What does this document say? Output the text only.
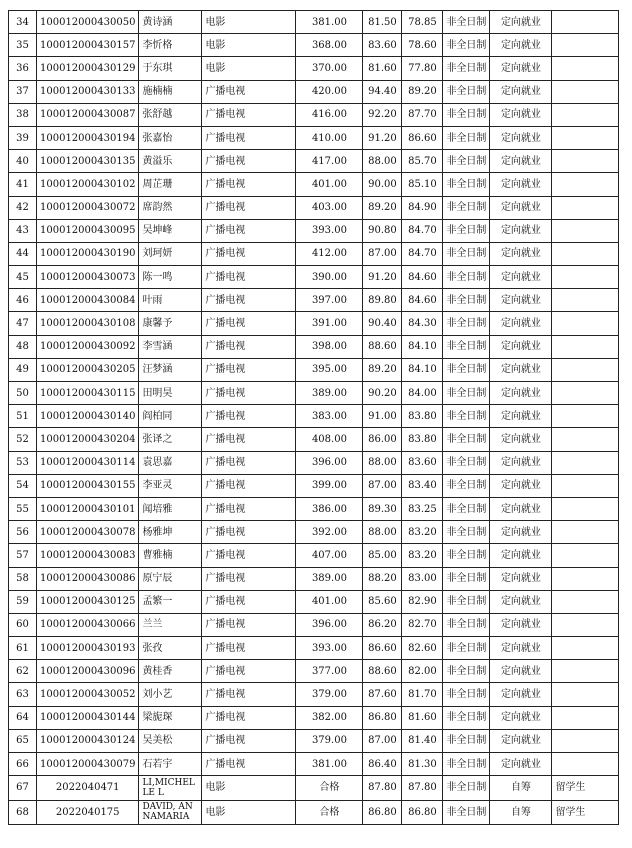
34	100012000430050	黄诗涵	电影	381.00	81.50	78.85	非全日制	定向就业	
35	100012000430157	李忻格	电影	368.00	83.60	78.60	非全日制	定向就业	
36	100012000430129	于东琪	电影	370.00	81.60	77.80	非全日制	定向就业	
37	100012000430133	施楠楠	广播电视	420.00	94.40	89.20	非全日制	定向就业	
38	100012000430087	张舒越	广播电视	416.00	92.20	87.70	非全日制	定向就业	
39	100012000430194	张嘉怡	广播电视	410.00	91.20	86.60	非全日制	定向就业	
40	100012000430135	黄溢乐	广播电视	417.00	88.00	85.70	非全日制	定向就业	
41	100012000430102	周芷珊	广播电视	401.00	90.00	85.10	非全日制	定向就业	
42	100012000430072	席韵然	广播电视	403.00	89.20	84.90	非全日制	定向就业	
43	100012000430095	吴坤峰	广播电视	393.00	90.80	84.70	非全日制	定向就业	
44	100012000430190	刘珂妍	广播电视	412.00	87.00	84.70	非全日制	定向就业	
45	100012000430073	陈一鸣	广播电视	390.00	91.20	84.60	非全日制	定向就业	
46	100012000430084	叶雨	广播电视	397.00	89.80	84.60	非全日制	定向就业	
47	100012000430108	康馨予	广播电视	391.00	90.40	84.30	非全日制	定向就业	
48	100012000430092	李雪涵	广播电视	398.00	88.60	84.10	非全日制	定向就业	
49	100012000430205	汪梦涵	广播电视	395.00	89.20	84.10	非全日制	定向就业	
50	100012000430115	田明昊	广播电视	389.00	90.20	84.00	非全日制	定向就业	
51	100012000430140	阎柏同	广播电视	383.00	91.00	83.80	非全日制	定向就业	
52	100012000430204	张译之	广播电视	408.00	86.00	83.80	非全日制	定向就业	
53	100012000430114	袁思嘉	广播电视	396.00	88.00	83.60	非全日制	定向就业	
54	100012000430155	李亚灵	广播电视	399.00	87.00	83.40	非全日制	定向就业	
55	100012000430101	闻培雅	广播电视	386.00	89.30	83.25	非全日制	定向就业	
56	100012000430078	杨雅坤	广播电视	392.00	88.00	83.20	非全日制	定向就业	
57	100012000430083	曹雅楠	广播电视	407.00	85.00	83.20	非全日制	定向就业	
58	100012000430086	原宁辰	广播电视	389.00	88.20	83.00	非全日制	定向就业	
59	100012000430125	孟繁一	广播电视	401.00	85.60	82.90	非全日制	定向就业	
60	100012000430066	兰兰	广播电视	396.00	86.20	82.70	非全日制	定向就业	
61	100012000430193	张孜	广播电视	393.00	86.60	82.60	非全日制	定向就业	
62	100012000430096	黄桂香	广播电视	377.00	88.60	82.00	非全日制	定向就业	
63	100012000430052	刘小艺	广播电视	379.00	87.60	81.70	非全日制	定向就业	
64	100012000430144	梁旎琛	广播电视	382.00	86.80	81.60	非全日制	定向就业	
65	100012000430124	吴美松	广播电视	379.00	87.00	81.40	非全日制	定向就业	
66	100012000430079	石若宇	广播电视	381.00	86.40	81.30	非全日制	定向就业	
67	2022040471	LI,MICHELLE L	电影	合格	87.80	87.80	非全日制	自筹	留学生
68	2022040175	DAVID, ANNAMARIA	电影	合格	86.80	86.80	非全日制	自筹	留学生
